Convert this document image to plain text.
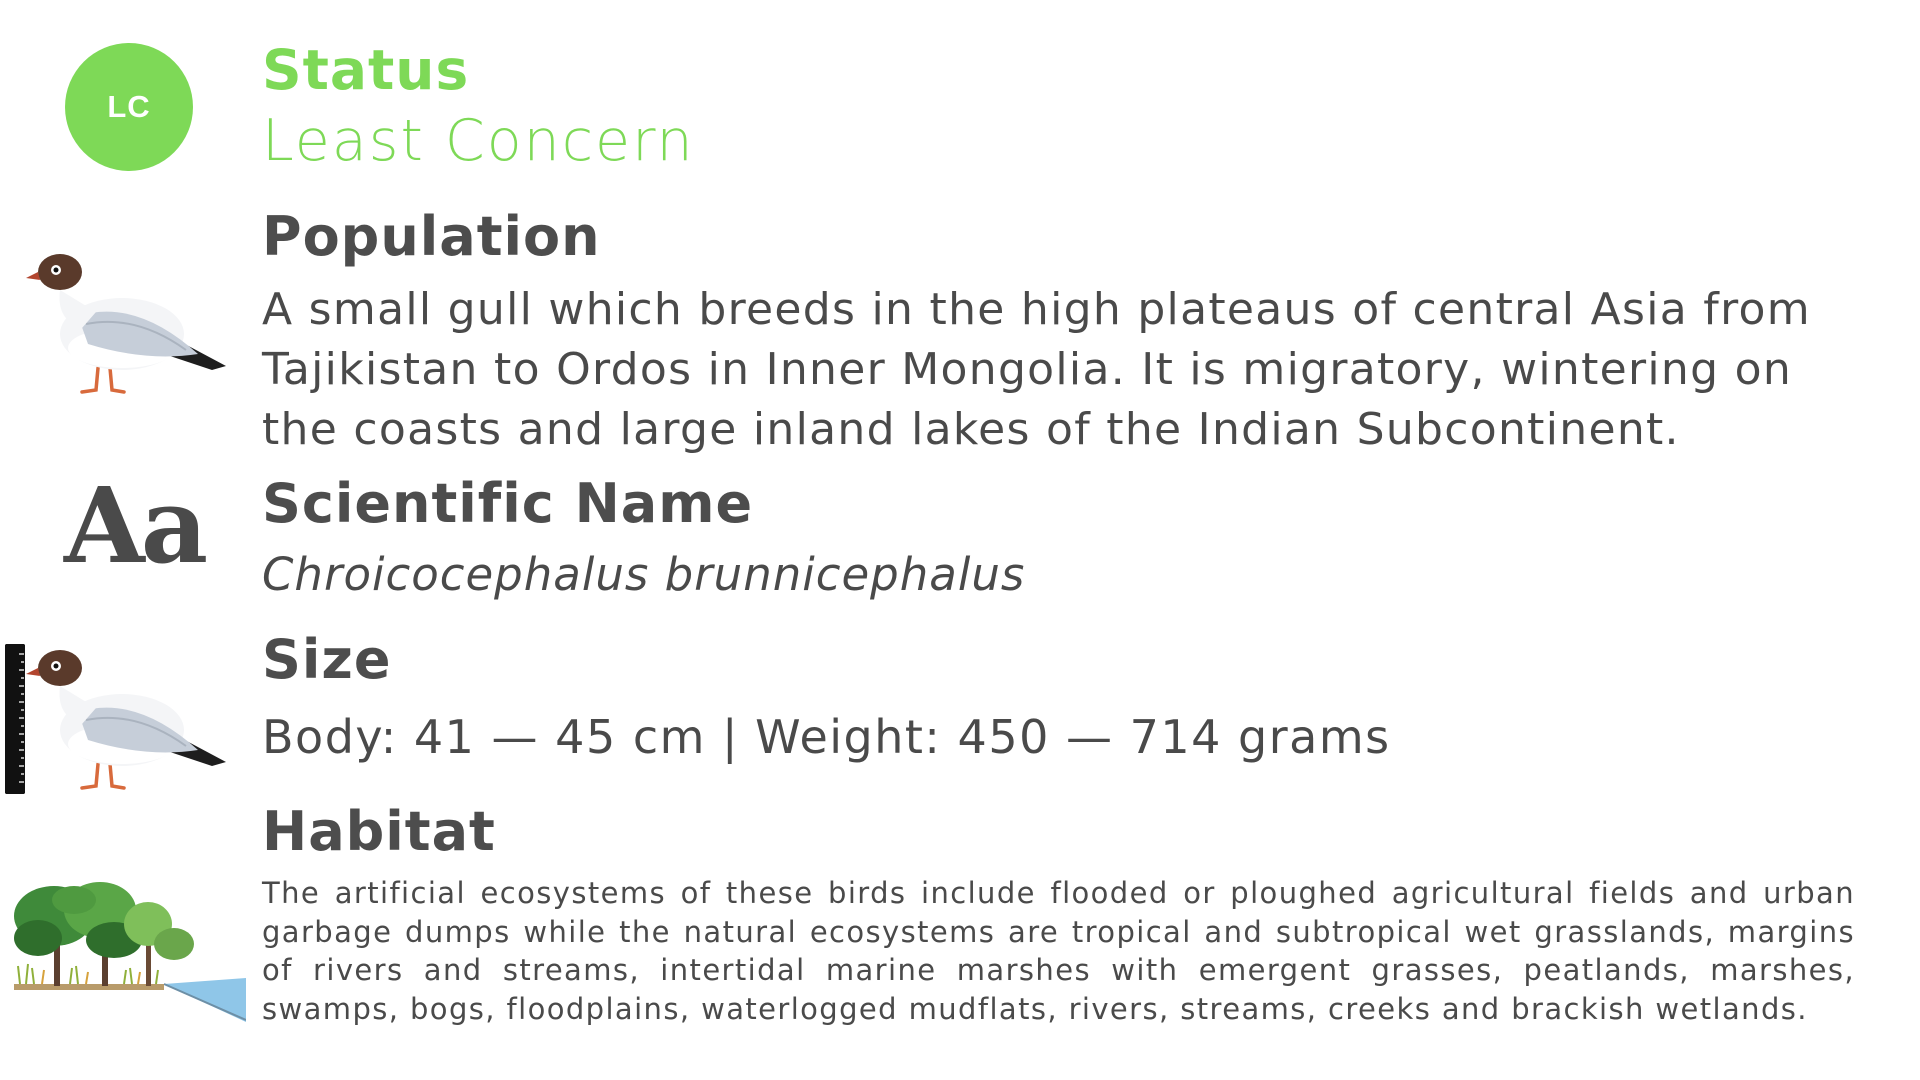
LC
Status

Least Concern

Population
A small gull which breeds in the high plateaus of central Asia from
Tajikistan to Ordos in Inner Mongolia. It is migratory, wintering on
the coasts and large inland lakes of the Indian Subcontinent.
Aa Scientific Name

Chroicocephalus brunnicephalus

Size

Body: 41 — 45 cm | Weight: 450 — 714 grams

Habitat

The artificial ecosystems of these birds include flooded or ploughed agricultural fields and urban garbage dumps while the natural ecosystems are tropical and subtropical wet grasslands, margins of rivers and streams, intertidal marine marshes with emergent grasses, peatlands, marshes, swamps, bogs, floodplains, waterlogged mudflats, rivers, streams, creeks and brackish wetlands.
